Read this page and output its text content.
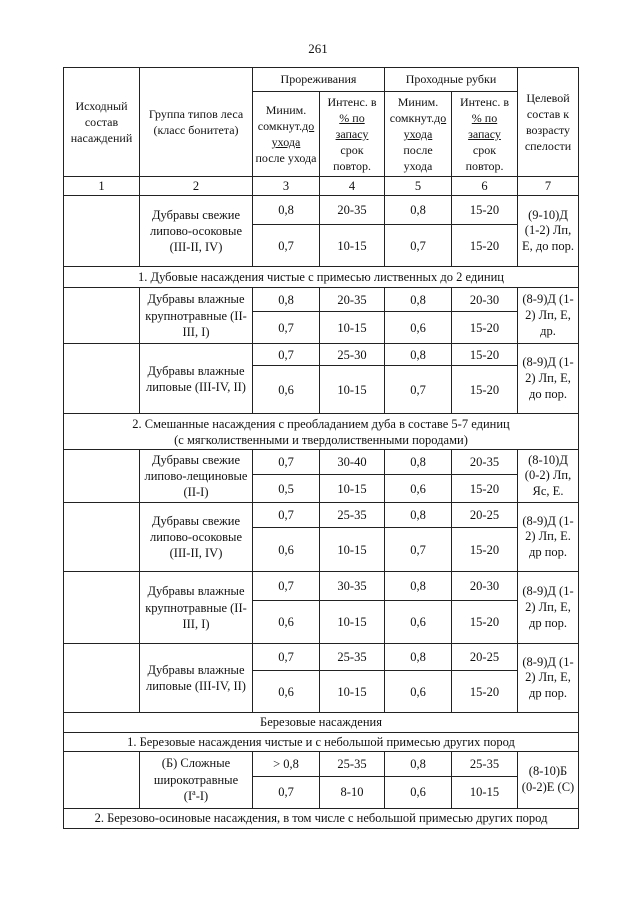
261
Исходный состав насаждений	Группа типов леса (класс бонитета)	Прореживания		Проходные рубки		Целевой состав к возрасту спелости
		Миним.
сомкнут.до
ухода
после ухода	Интенс. в
% по запасу
срок
повтор.	Миним.
сомкнут.до
ухода
после
ухода	Интенс. в
% по запасу
срок
повтор.	
1	2	3	4	5	6	7
	Дубравы свежие липово-осоковые (III-II, IV)	0,8	20-35	0,8	15-20	(9-10)Д (1-2) Лп, Е, до пор.
		0,7	10-15	0,7	15-20	
1. Дубовые насаждения чистые с примесью лиственных до 2 единиц						
	Дубравы влажные крупнотравные (II-III, I)	0,8	20-35	0,8	20-30	(8-9)Д (1-2) Лп, Е, др.
		0,7	10-15	0,6	15-20	
	Дубравы влажные липовые (III-IV, II)	0,7	25-30	0,8	15-20	(8-9)Д (1-2) Лп, Е, до пор.
		0,6	10-15	0,7	15-20	
2. Смешанные насаждения с преобладанием дуба в составе 5-7 единиц
(с мягколиственными и твердолиственными породами)						
	Дубравы свежие липово-лещиновые (II-I)	0,7	30-40	0,8	20-35	(8-10)Д (0-2) Лп, Яс, Е.
		0,5	10-15	0,6	15-20	
	Дубравы свежие липово-осоковые (III-II, IV)	0,7	25-35	0,8	20-25	(8-9)Д (1-2) Лп, Е. др пор.
		0,6	10-15	0,7	15-20	
	Дубравы влажные крупнотравные (II-III, I)	0,7	30-35	0,8	20-30	(8-9)Д (1-2) Лп, Е, др пор.
		0,6	10-15	0,6	15-20	
	Дубравы влажные липовые (III-IV, II)	0,7	25-35	0,8	20-25	(8-9)Д (1-2) Лп, Е, др пор.
		0,6	10-15	0,6	15-20	
Березовые насаждения						
1. Березовые насаждения чистые и с небольшой примесью других пород						
	(Б) Сложные
широкотравные
$(I^a-I)$	> 0,8	25-35	0,8	25-35	(8-10)Б (0-2)Е (С)
		0,7	8-10	0,6	10-15	
2. Березово-осиновые насаждения, в том числе с небольшой примесью других пород						
